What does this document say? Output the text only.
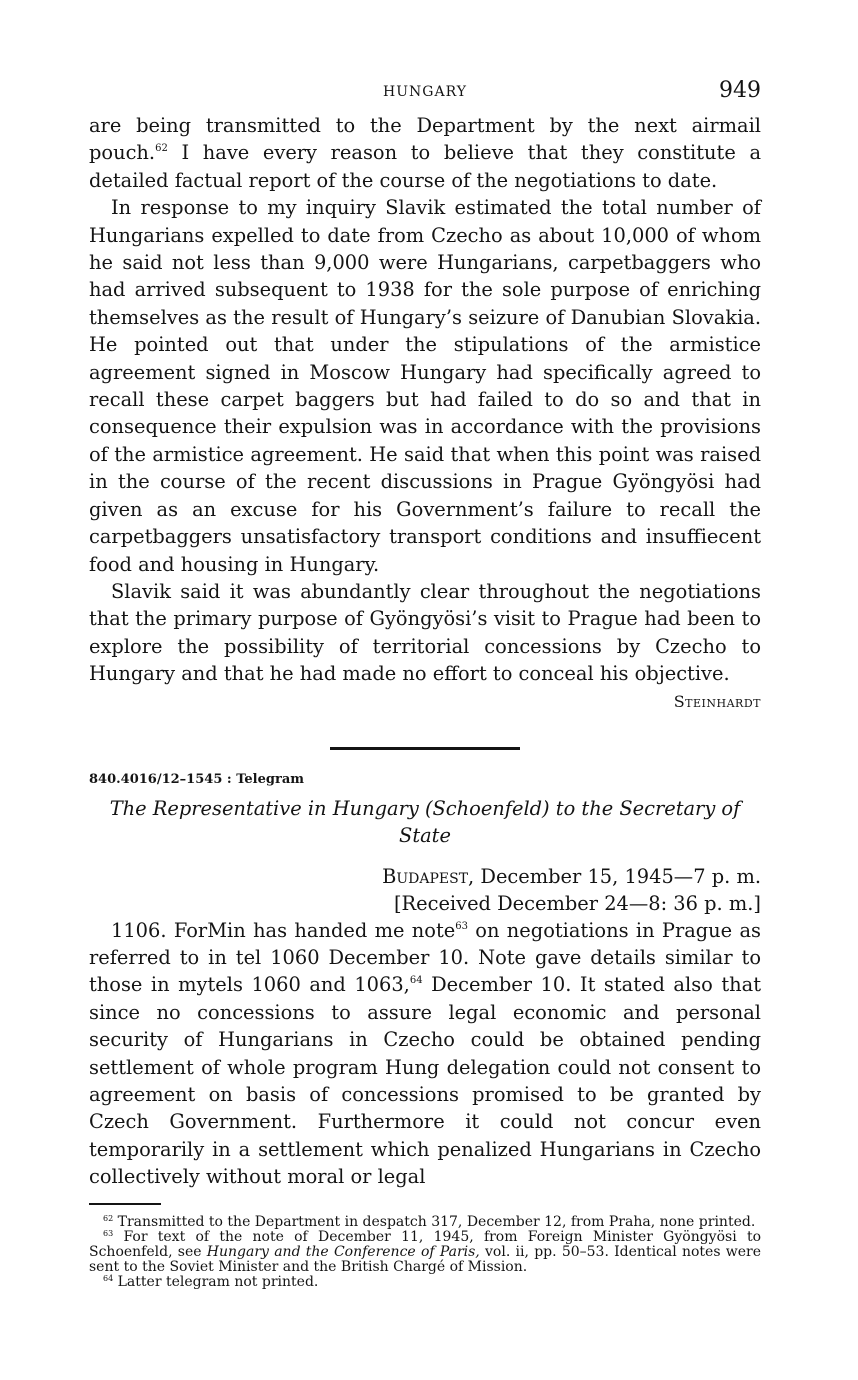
HUNGARY	949

are being transmitted to the Department by the next airmail pouch.$^{62}$ I have every reason to believe that they constitute a detailed factual report of the course of the negotiations to date.

In response to my inquiry Slavik estimated the total number of Hungarians expelled to date from Czecho as about 10,000 of whom he said not less than 9,000 were Hungarians, carpetbaggers who had arrived subsequent to 1938 for the sole purpose of enriching themselves as the result of Hungary’s seizure of Danubian Slovakia. He pointed out that under the stipulations of the armistice agreement signed in Moscow Hungary had specifically agreed to recall these carpet baggers but had failed to do so and that in consequence their expulsion was in accordance with the provisions of the armistice agreement. He said that when this point was raised in the course of the recent discussions in Prague Gyöngyösi had given as an excuse for his Government’s failure to recall the carpetbaggers unsatisfactory transport conditions and insuffiecent food and housing in Hungary.

Slavik said it was abundantly clear throughout the negotiations that the primary purpose of Gyöngyösi’s visit to Prague had been to explore the possibility of territorial concessions by Czecho to Hungary and that he had made no effort to conceal his objective.

Steinhardt
840.4016/12–1545 : Telegram
The Representative in Hungary (Schoenfeld) to the Secretary of State
Budapest, December 15, 1945—7 p. m.
[Received December 24—8: 36 p. m.]

1106. ForMin has handed me note$^{63}$ on negotiations in Prague as referred to in tel 1060 December 10. Note gave details similar to those in mytels 1060 and 1063,64 December 10. It stated also that since no concessions to assure legal economic and personal security of Hungarians in Czecho could be obtained pending settlement of whole program Hung delegation could not consent to agreement on basis of concessions promised to be granted by Czech Government. Furthermore it could not concur even temporarily in a settlement which penalized Hungarians in Czecho collectively without moral or legal

$^{62}$ Transmitted to the Department in despatch 317, December 12, from Praha, none printed.

$^{63}$ For text of the note of December 11, 1945, from Foreign Minister Gyöngyösi to Schoenfeld, see Hungary and the Conference of Paris, vol. ii, pp. 50–53. Identical notes were sent to the Soviet Minister and the British Chargé of Mission.

$^{64}$ Latter telegram not printed.
